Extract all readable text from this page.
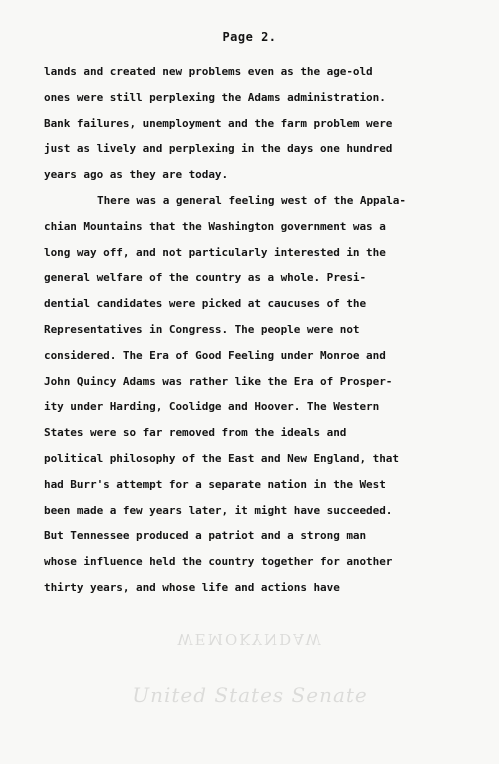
Page 2.
lands and created new problems even as the age-old
ones were still perplexing the Adams administration.
Bank failures, unemployment and the farm problem were
just as lively and perplexing in the days one hundred
years ago as they are today.
There was a general feeling west of the Appala-
chian Mountains that the Washington government was a
long way off, and not particularly interested in the
general welfare of the country as a whole. Presi-
dential candidates were picked at caucuses of the
Representatives in Congress. The people were not
considered. The Era of Good Feeling under Monroe and
John Quincy Adams was rather like the Era of Prosper-
ity under Harding, Coolidge and Hoover. The Western
States were so far removed from the ideals and
political philosophy of the East and New England, that
had Burr's attempt for a separate nation in the West
been made a few years later, it might have succeeded.
But Tennessee produced a patriot and a strong man
whose influence held the country together for another
thirty years, and whose life and actions have
WEMOKYNDAW
United States Senate
